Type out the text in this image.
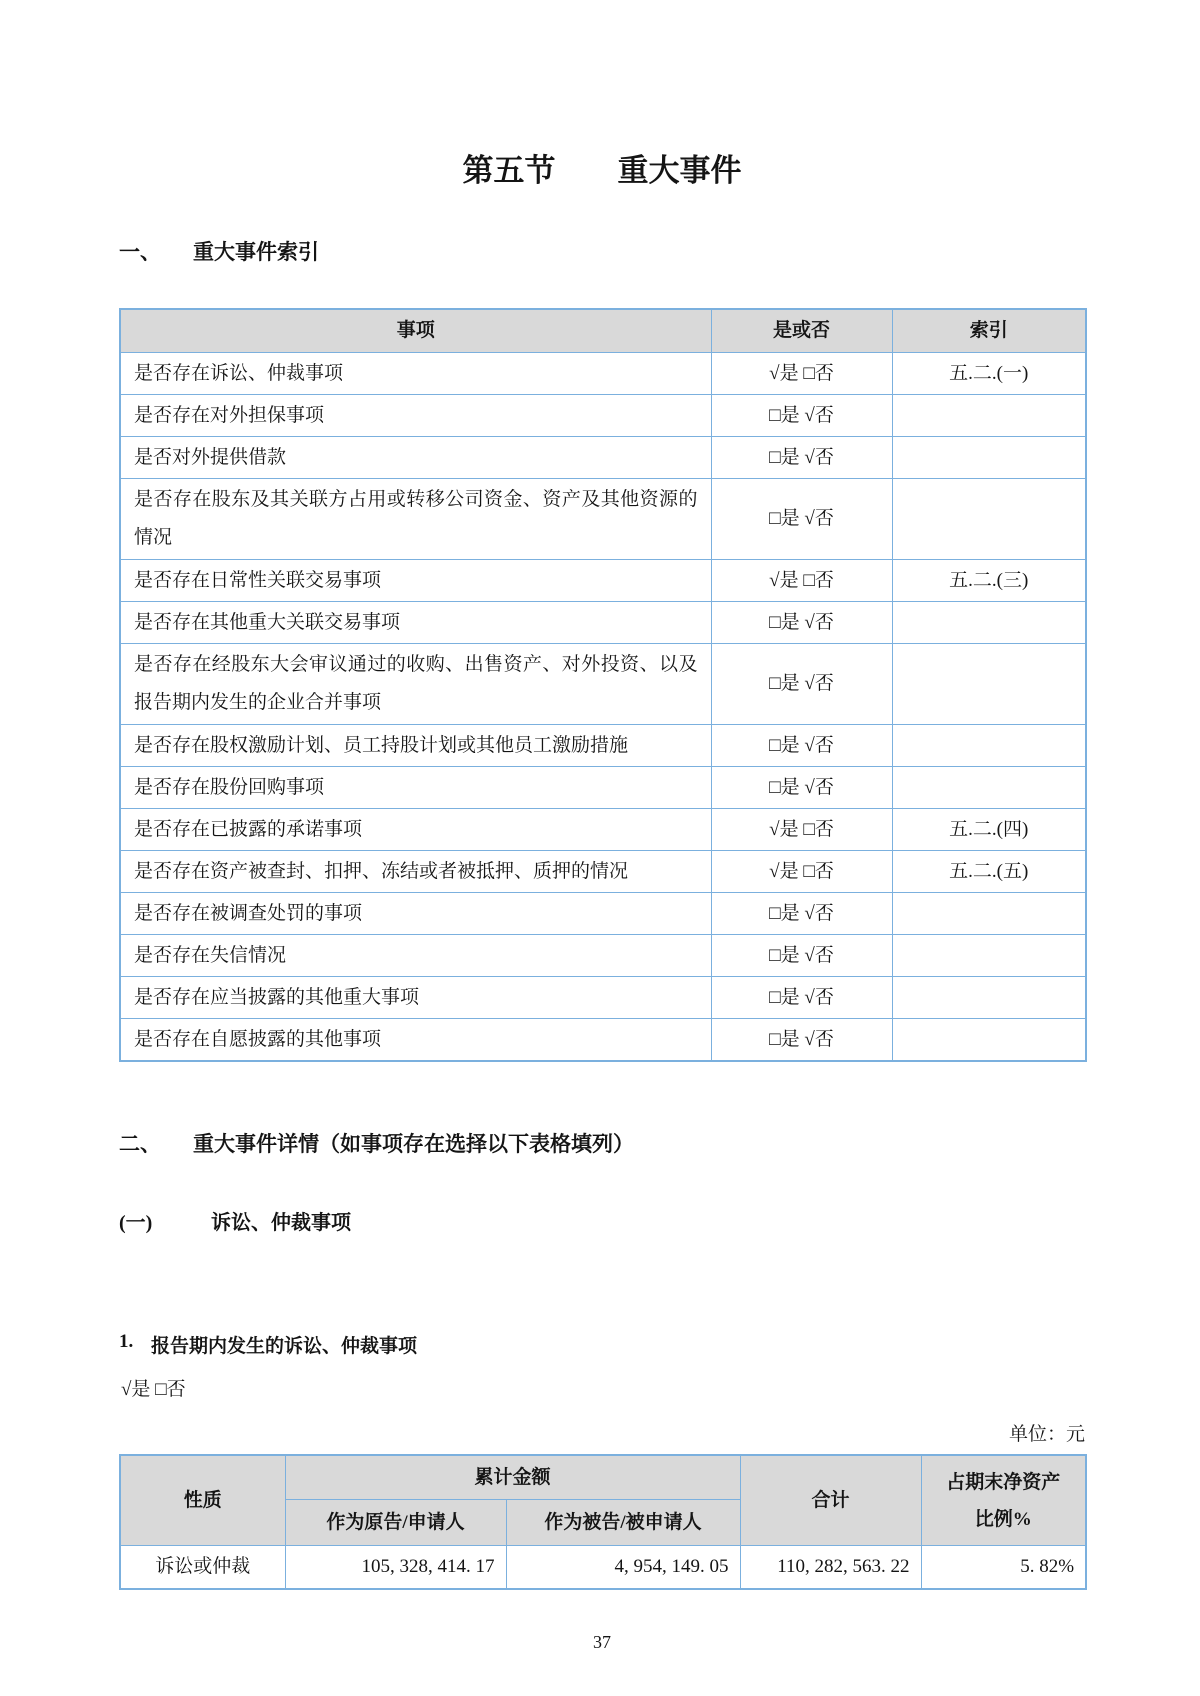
第五节　　重大事件
一、	重大事件索引
事项	是或否	索引
是否存在诉讼、仲裁事项	√是 □否	五.二.(一)
是否存在对外担保事项	□是 √否	
是否对外提供借款	□是 √否	
是否存在股东及其关联方占用或转移公司资金、资产及其他资源的情况	□是 √否	
是否存在日常性关联交易事项	√是 □否	五.二.(三)
是否存在其他重大关联交易事项	□是 √否	
是否存在经股东大会审议通过的收购、出售资产、对外投资、以及报告期内发生的企业合并事项	□是 √否	
是否存在股权激励计划、员工持股计划或其他员工激励措施	□是 √否	
是否存在股份回购事项	□是 √否	
是否存在已披露的承诺事项	√是 □否	五.二.(四)
是否存在资产被查封、扣押、冻结或者被抵押、质押的情况	√是 □否	五.二.(五)
是否存在被调查处罚的事项	□是 √否	
是否存在失信情况	□是 √否	
是否存在应当披露的其他重大事项	□是 √否	
是否存在自愿披露的其他事项	□是 √否	
二、	重大事件详情（如事项存在选择以下表格填列）
(一)	诉讼、仲裁事项
1. 报告期内发生的诉讼、仲裁事项
√是 □否
单位：元
性质	累计金额		合计	占期末净资产
比例%

	作为原告/申请人	作为被告/被申请人		
诉讼或仲裁	105, 328, 414. 17	4, 954, 149. 05	110, 282, 563. 22	5. 82%
37
